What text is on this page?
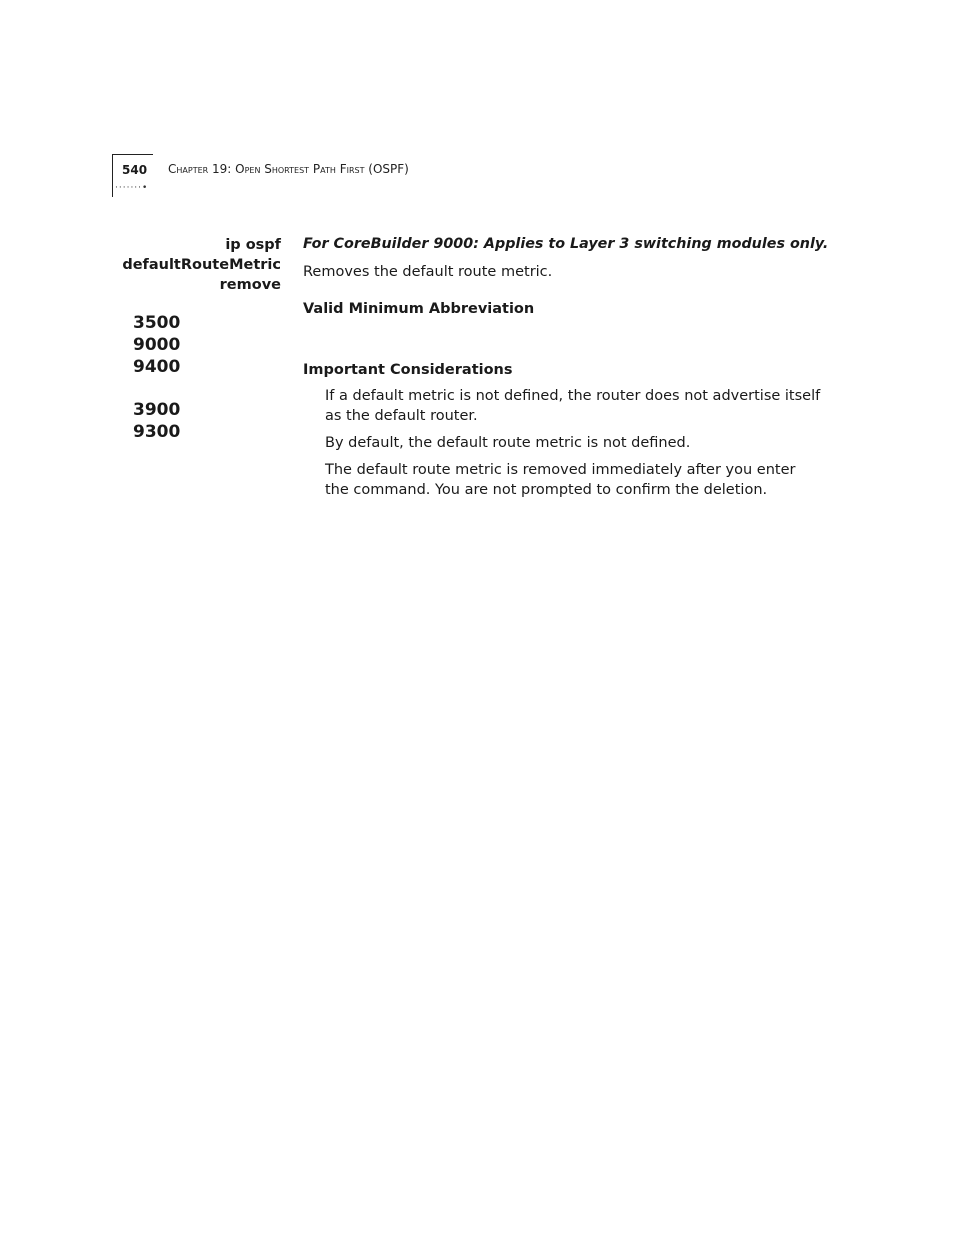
540
·······•
Chapter 19: Open Shortest Path First (OSPF)
ip ospf
defaultRouteMetric
remove
3500
9000
9400
3900
9300

For CoreBuilder 9000: Applies to Layer 3 switching modules only.

Removes the default route metric.

Valid Minimum Abbreviation

Important Considerations

If a default metric is not defined, the router does not advertise itself as the default router.
By default, the default route metric is not defined.
The default route metric is removed immediately after you enter the command. You are not prompted to confirm the deletion.
